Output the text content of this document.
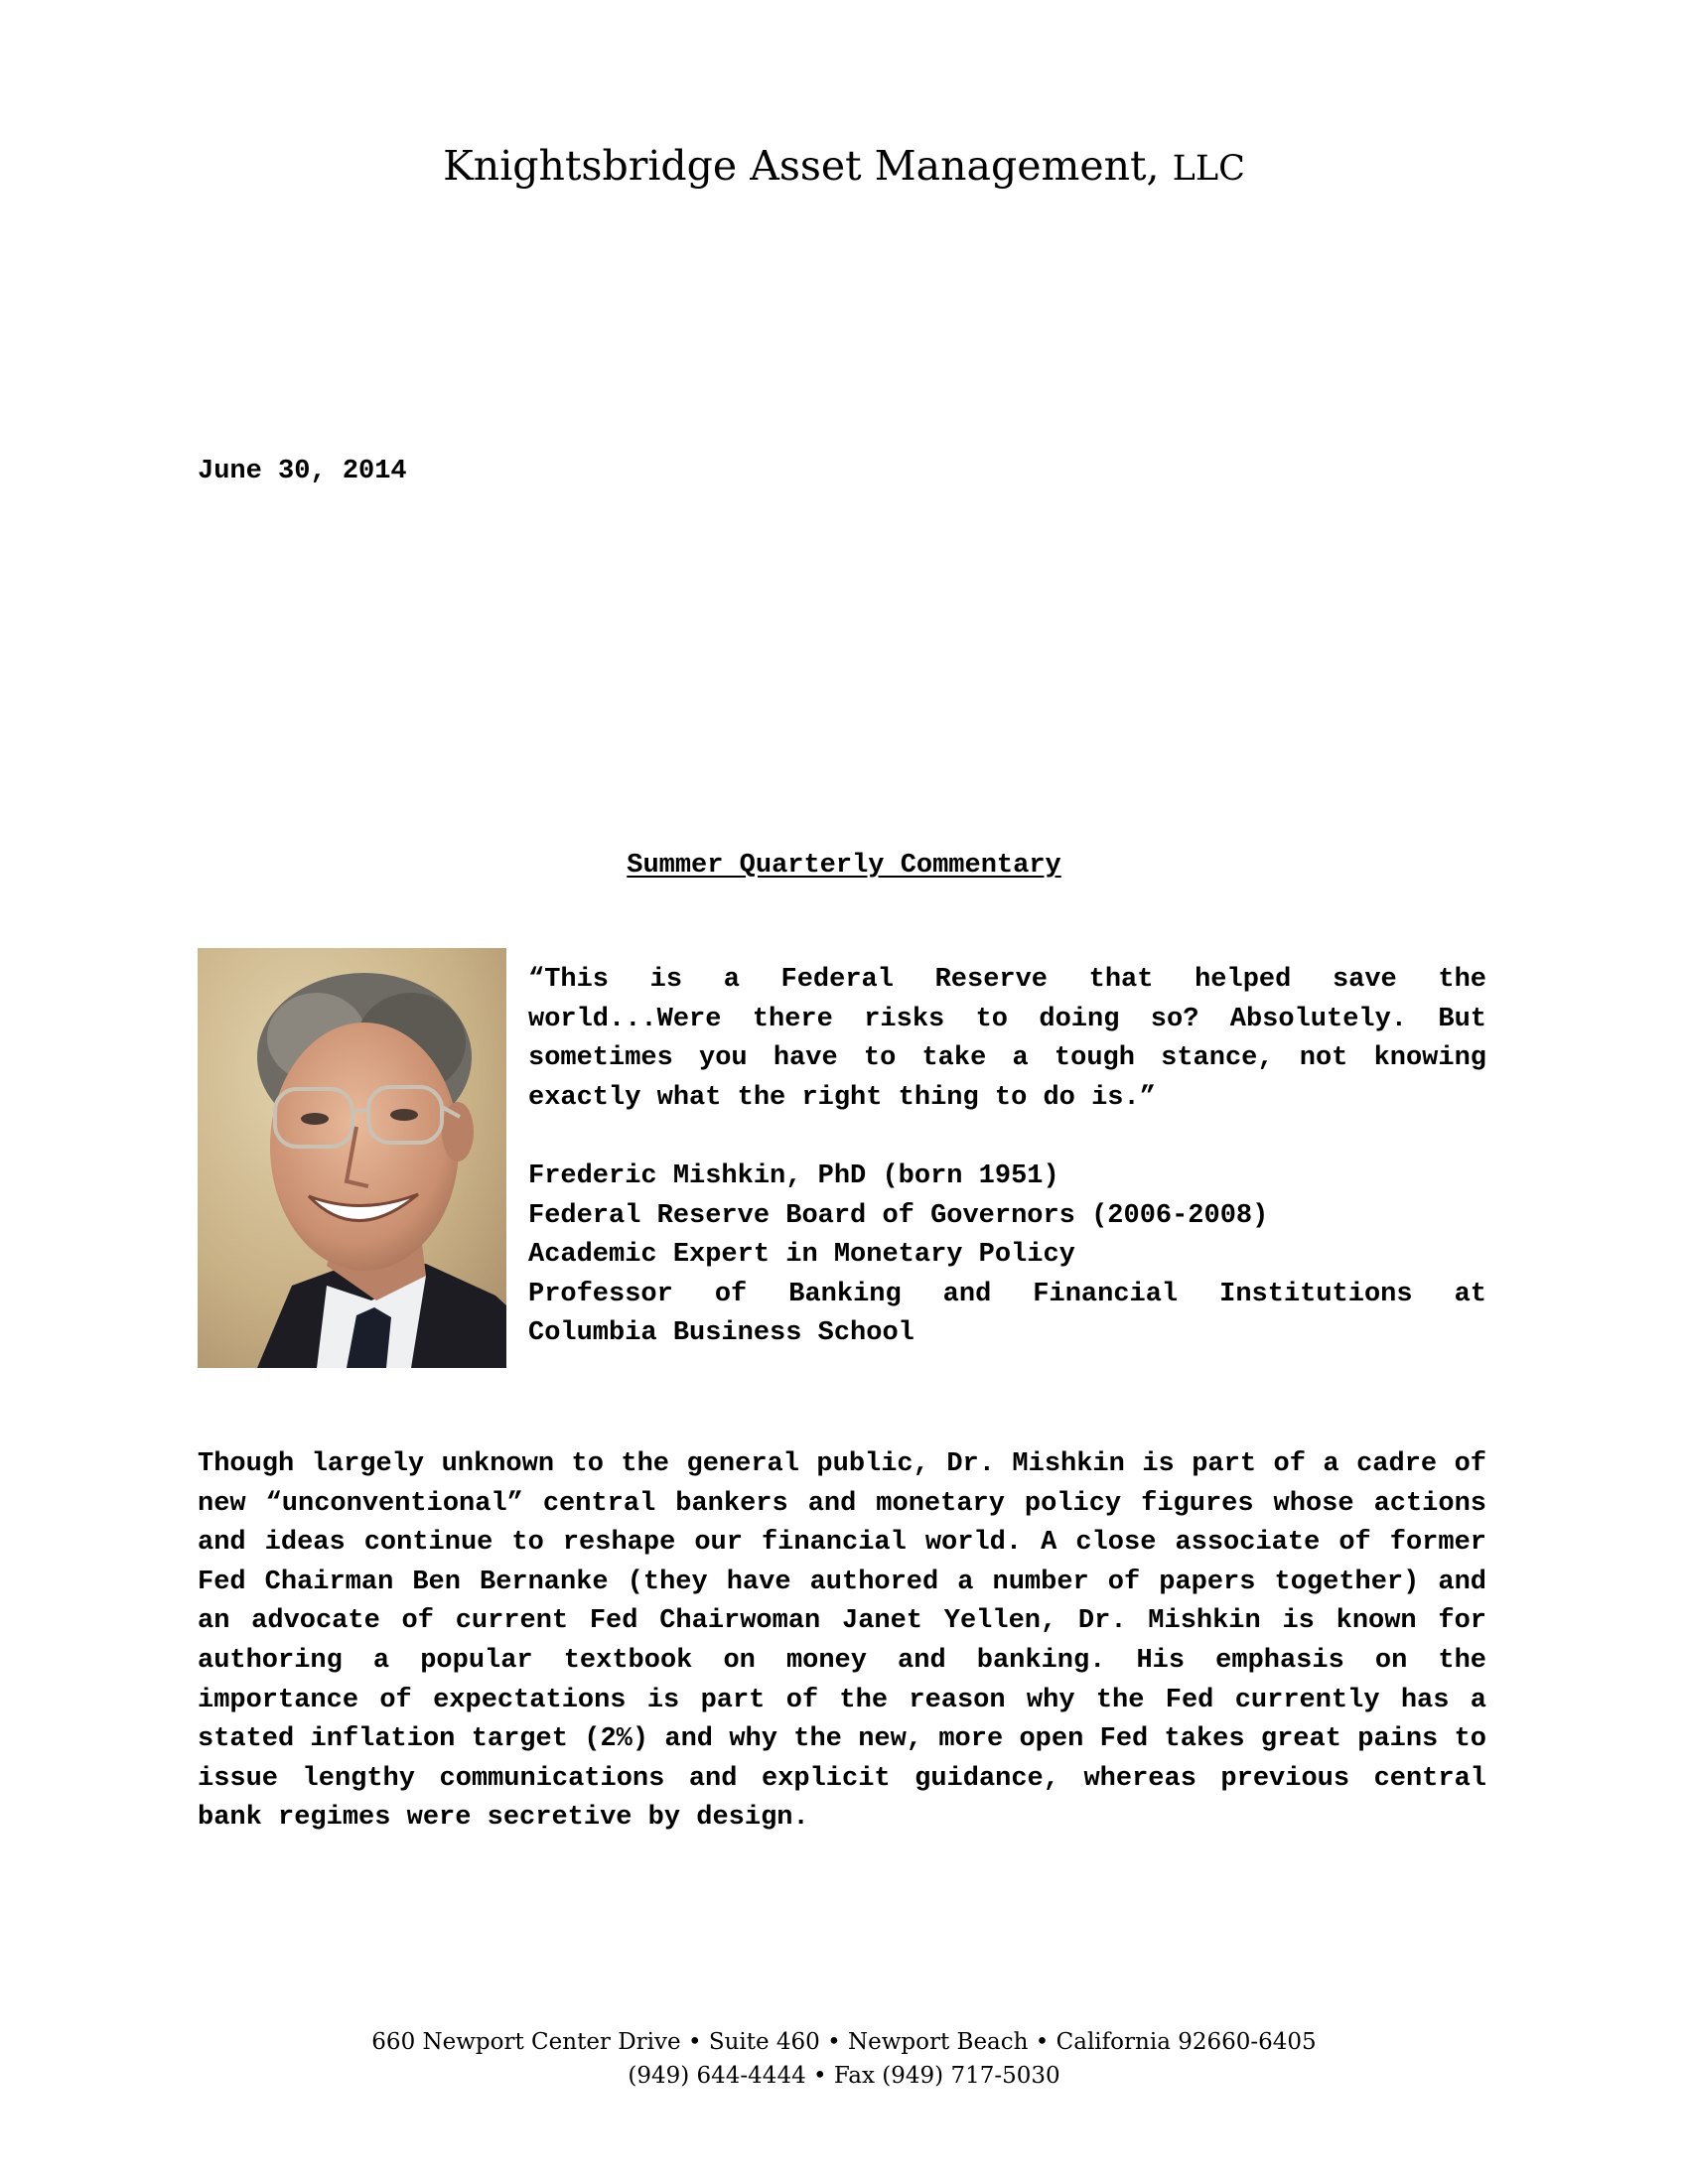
Knightsbridge Asset Management, LLC
June 30, 2014
Summer Quarterly Commentary

“This is a Federal Reserve that helped save the world...Were there risks to doing so? Absolutely. But sometimes you have to take a tough stance, not knowing exactly what the right thing to do is.”

Frederic Mishkin, PhD (born 1951)
Federal Reserve Board of Governors (2006-2008)
Academic Expert in Monetary Policy
Professor of Banking and Financial Institutions at
Columbia Business School

Though largely unknown to the general public, Dr. Mishkin is part of a cadre of new “unconventional” central bankers and monetary policy figures whose actions and ideas continue to reshape our financial world. A close associate of former Fed Chairman Ben Bernanke (they have authored a number of papers together) and an advocate of current Fed Chairwoman Janet Yellen, Dr. Mishkin is known for authoring a popular textbook on money and banking. His emphasis on the importance of expectations is part of the reason why the Fed currently has a stated inflation target (2%) and why the new, more open Fed takes great pains to issue lengthy communications and explicit guidance, whereas previous central bank regimes were secretive by design.

660 Newport Center Drive • Suite 460 • Newport Beach • California 92660-6405
(949) 644-4444 • Fax (949) 717-5030
